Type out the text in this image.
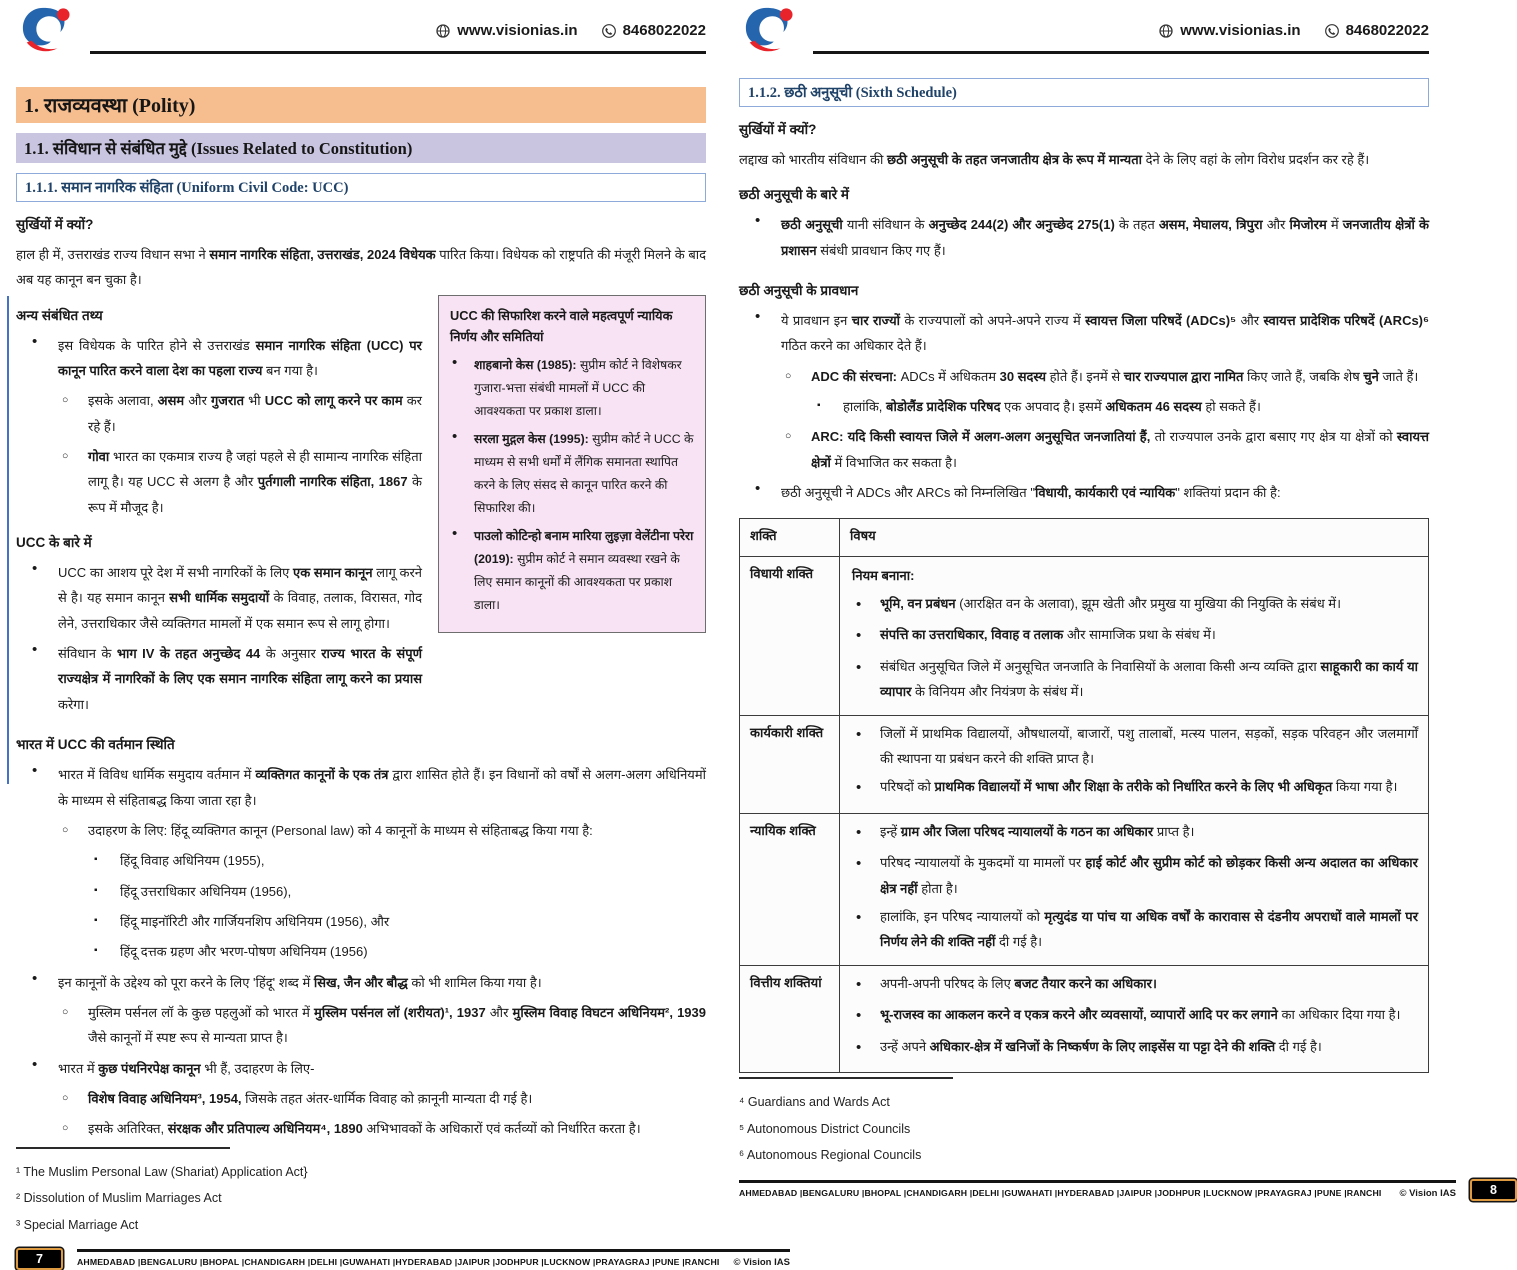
www.visionias.in	8468022022
1. राजव्यवस्था (Polity)
1.1. संविधान से संबंधित मुद्दे (Issues Related to Constitution)
1.1.1. समान नागरिक संहिता (Uniform Civil Code: UCC)
सुर्खियों में क्यों?
हाल ही में, उत्तराखंड राज्य विधान सभा ने समान नागरिक संहिता, उत्तराखंड, 2024 विधेयक पारित किया। विधेयक को राष्ट्रपति की मंजूरी मिलने के बाद अब यह कानून बन चुका है।
UCC की सिफारिश करने वाले महत्वपूर्ण न्यायिक निर्णय और समितियां
•
शाहबानो केस (1985): सुप्रीम कोर्ट ने विशेषकर गुजारा-भत्ता संबंधी मामलों में UCC की आवश्यकता पर प्रकाश डाला।
•
सरला मुद्गल केस (1995): सुप्रीम कोर्ट ने UCC के माध्यम से सभी धर्मों में लैंगिक समानता स्थापित करने के लिए संसद से कानून पारित करने की सिफारिश की।
•
पाउलो कोटिन्हो बनाम मारिया लुइज़ा वेलेंटीना परेरा (2019): सुप्रीम कोर्ट ने समान व्यवस्था रखने के लिए समान कानूनों की आवश्यकता पर प्रकाश डाला।
अन्य संबंधित तथ्य
•
इस विधेयक के पारित होने से उत्तराखंड समान नागरिक संहिता (UCC) पर कानून पारित करने वाला देश का पहला राज्य बन गया है।
○
इसके अलावा, असम और गुजरात भी UCC को लागू करने पर काम कर रहे हैं।
○
गोवा भारत का एकमात्र राज्य है जहां पहले से ही सामान्य नागरिक संहिता लागू है। यह UCC से अलग है और पुर्तगाली नागरिक संहिता, 1867 के रूप में मौजूद है।
UCC के बारे में
•
UCC का आशय पूरे देश में सभी नागरिकों के लिए एक समान कानून लागू करने से है। यह समान कानून सभी धार्मिक समुदायों के विवाह, तलाक, विरासत, गोद लेने, उत्तराधिकार जैसे व्यक्तिगत मामलों में एक समान रूप से लागू होगा।
•
संविधान के भाग IV के तहत अनुच्छेद 44 के अनुसार राज्य भारत के संपूर्ण राज्यक्षेत्र में नागरिकों के लिए एक समान नागरिक संहिता लागू करने का प्रयास करेगा।
भारत में UCC की वर्तमान स्थिति
•
भारत में विविध धार्मिक समुदाय वर्तमान में व्यक्तिगत कानूनों के एक तंत्र द्वारा शासित होते हैं। इन विधानों को वर्षों से अलग-अलग अधिनियमों के माध्यम से संहिताबद्ध किया जाता रहा है।
○
उदाहरण के लिए: हिंदू व्यक्तिगत कानून (Personal law) को 4 कानूनों के माध्यम से संहिताबद्ध किया गया है:
▪
हिंदू विवाह अधिनियम (1955),
▪
हिंदू उत्तराधिकार अधिनियम (1956),
▪
हिंदू माइनॉरिटी और गार्जियनशिप अधिनियम (1956), और
▪
हिंदू दत्तक ग्रहण और भरण-पोषण अधिनियम (1956)
•
इन कानूनों के उद्देश्य को पूरा करने के लिए 'हिंदू' शब्द में सिख, जैन और बौद्ध को भी शामिल किया गया है।
○
मुस्लिम पर्सनल लॉ के कुछ पहलुओं को भारत में मुस्लिम पर्सनल लॉ (शरीयत)¹, 1937 और मुस्लिम विवाह विघटन अधिनियम², 1939 जैसे कानूनों में स्पष्ट रूप से मान्यता प्राप्त है।
•
भारत में कुछ पंथनिरपेक्ष कानून भी हैं, उदाहरण के लिए-
○
विशेष विवाह अधिनियम³, 1954, जिसके तहत अंतर-धार्मिक विवाह को क़ानूनी मान्यता दी गई है।
○
इसके अतिरिक्त, संरक्षक और प्रतिपाल्य अधिनियम⁴, 1890 अभिभावकों के अधिकारों एवं कर्तव्यों को निर्धारित करता है।
¹ The Muslim Personal Law (Shariat) Application Act}
² Dissolution of Muslim Marriages Act
³ Special Marriage Act
7	AHMEDABAD |BENGALURU |BHOPAL |CHANDIGARH |DELHI |GUWAHATI |HYDERABAD |JAIPUR |JODHPUR |LUCKNOW |PRAYAGRAJ |PUNE |RANCHI © Vision IAS
www.visionias.in	8468022022
1.1.2. छठी अनुसूची (Sixth Schedule)
सुर्खियों में क्यों?
लद्दाख को भारतीय संविधान की छठी अनुसूची के तहत जनजातीय क्षेत्र के रूप में मान्यता देने के लिए वहां के लोग विरोध प्रदर्शन कर रहे हैं।
छठी अनुसूची के बारे में
•
छठी अनुसूची यानी संविधान के अनुच्छेद 244(2) और अनुच्छेद 275(1) के तहत असम, मेघालय, त्रिपुरा और मिजोरम में जनजातीय क्षेत्रों के प्रशासन संबंधी प्रावधान किए गए हैं।
छठी अनुसूची के प्रावधान
•
ये प्रावधान इन चार राज्यों के राज्यपालों को अपने-अपने राज्य में स्वायत्त जिला परिषदें (ADCs)⁵ और स्वायत्त प्रादेशिक परिषदें (ARCs)⁶ गठित करने का अधिकार देते हैं।
○
ADC की संरचना: ADCs में अधिकतम 30 सदस्य होते हैं। इनमें से चार राज्यपाल द्वारा नामित किए जाते हैं, जबकि शेष चुने जाते हैं।
▪
हालांकि, बोडोलैंड प्रादेशिक परिषद एक अपवाद है। इसमें अधिकतम 46 सदस्य हो सकते हैं।
○
ARC: यदि किसी स्वायत्त जिले में अलग-अलग अनुसूचित जनजातियां हैं, तो राज्यपाल उनके द्वारा बसाए गए क्षेत्र या क्षेत्रों को स्वायत्त क्षेत्रों में विभाजित कर सकता है।
•
छठी अनुसूची ने ADCs और ARCs को निम्नलिखित "विधायी, कार्यकारी एवं न्यायिक" शक्तियां प्रदान की है:
शक्ति	विषय
विधायी शक्ति	नियम बनाना:
•
भूमि, वन प्रबंधन (आरक्षित वन के अलावा), झूम खेती और प्रमुख या मुखिया की नियुक्ति के संबंध में।
•
संपत्ति का उत्तराधिकार, विवाह व तलाक और सामाजिक प्रथा के संबंध में।
•
संबंधित अनुसूचित जिले में अनुसूचित जनजाति के निवासियों के अलावा किसी अन्य व्यक्ति द्वारा साहूकारी का कार्य या व्यापार के विनियम और नियंत्रण के संबंध में।

कार्यकारी शक्ति	
•जिलों में प्राथमिक विद्यालयों, औषधालयों, बाजारों, पशु तालाबों, मत्स्य पालन, सड़कों, सड़क परिवहन और जलमार्गों की स्थापना या प्रबंधन करने की शक्ति प्राप्त है।
•
परिषदों को प्राथमिक विद्यालयों में भाषा और शिक्षा के तरीके को निर्धारित करने के लिए भी अधिकृत किया गया है।

न्यायिक शक्ति	
•इन्हें ग्राम और जिला परिषद न्यायालयों के गठन का अधिकार प्राप्त है।
•
परिषद न्यायालयों के मुकदमों या मामलों पर हाई कोर्ट और सुप्रीम कोर्ट को छोड़कर किसी अन्य अदालत का अधिकार क्षेत्र नहीं होता है।
•
हालांकि, इन परिषद न्यायालयों को मृत्युदंड या पांच या अधिक वर्षों के कारावास से दंडनीय अपराधों वाले मामलों पर निर्णय लेने की शक्ति नहीं दी गई है।

वित्तीय शक्तियां	
•अपनी-अपनी परिषद के लिए बजट तैयार करने का अधिकार।
•
भू-राजस्व का आकलन करने व एकत्र करने और व्यवसायों, व्यापारों आदि पर कर लगाने का अधिकार दिया गया है।
•
उन्हें अपने अधिकार-क्षेत्र में खनिजों के निष्कर्षण के लिए लाइसेंस या पट्टा देने की शक्ति दी गई है।
⁴ Guardians and Wards Act
⁵ Autonomous District Councils
⁶ Autonomous Regional Councils
AHMEDABAD |BENGALURU |BHOPAL |CHANDIGARH |DELHI |GUWAHATI |HYDERABAD |JAIPUR |JODHPUR |LUCKNOW |PRAYAGRAJ |PUNE |RANCHI © Vision IAS	8
